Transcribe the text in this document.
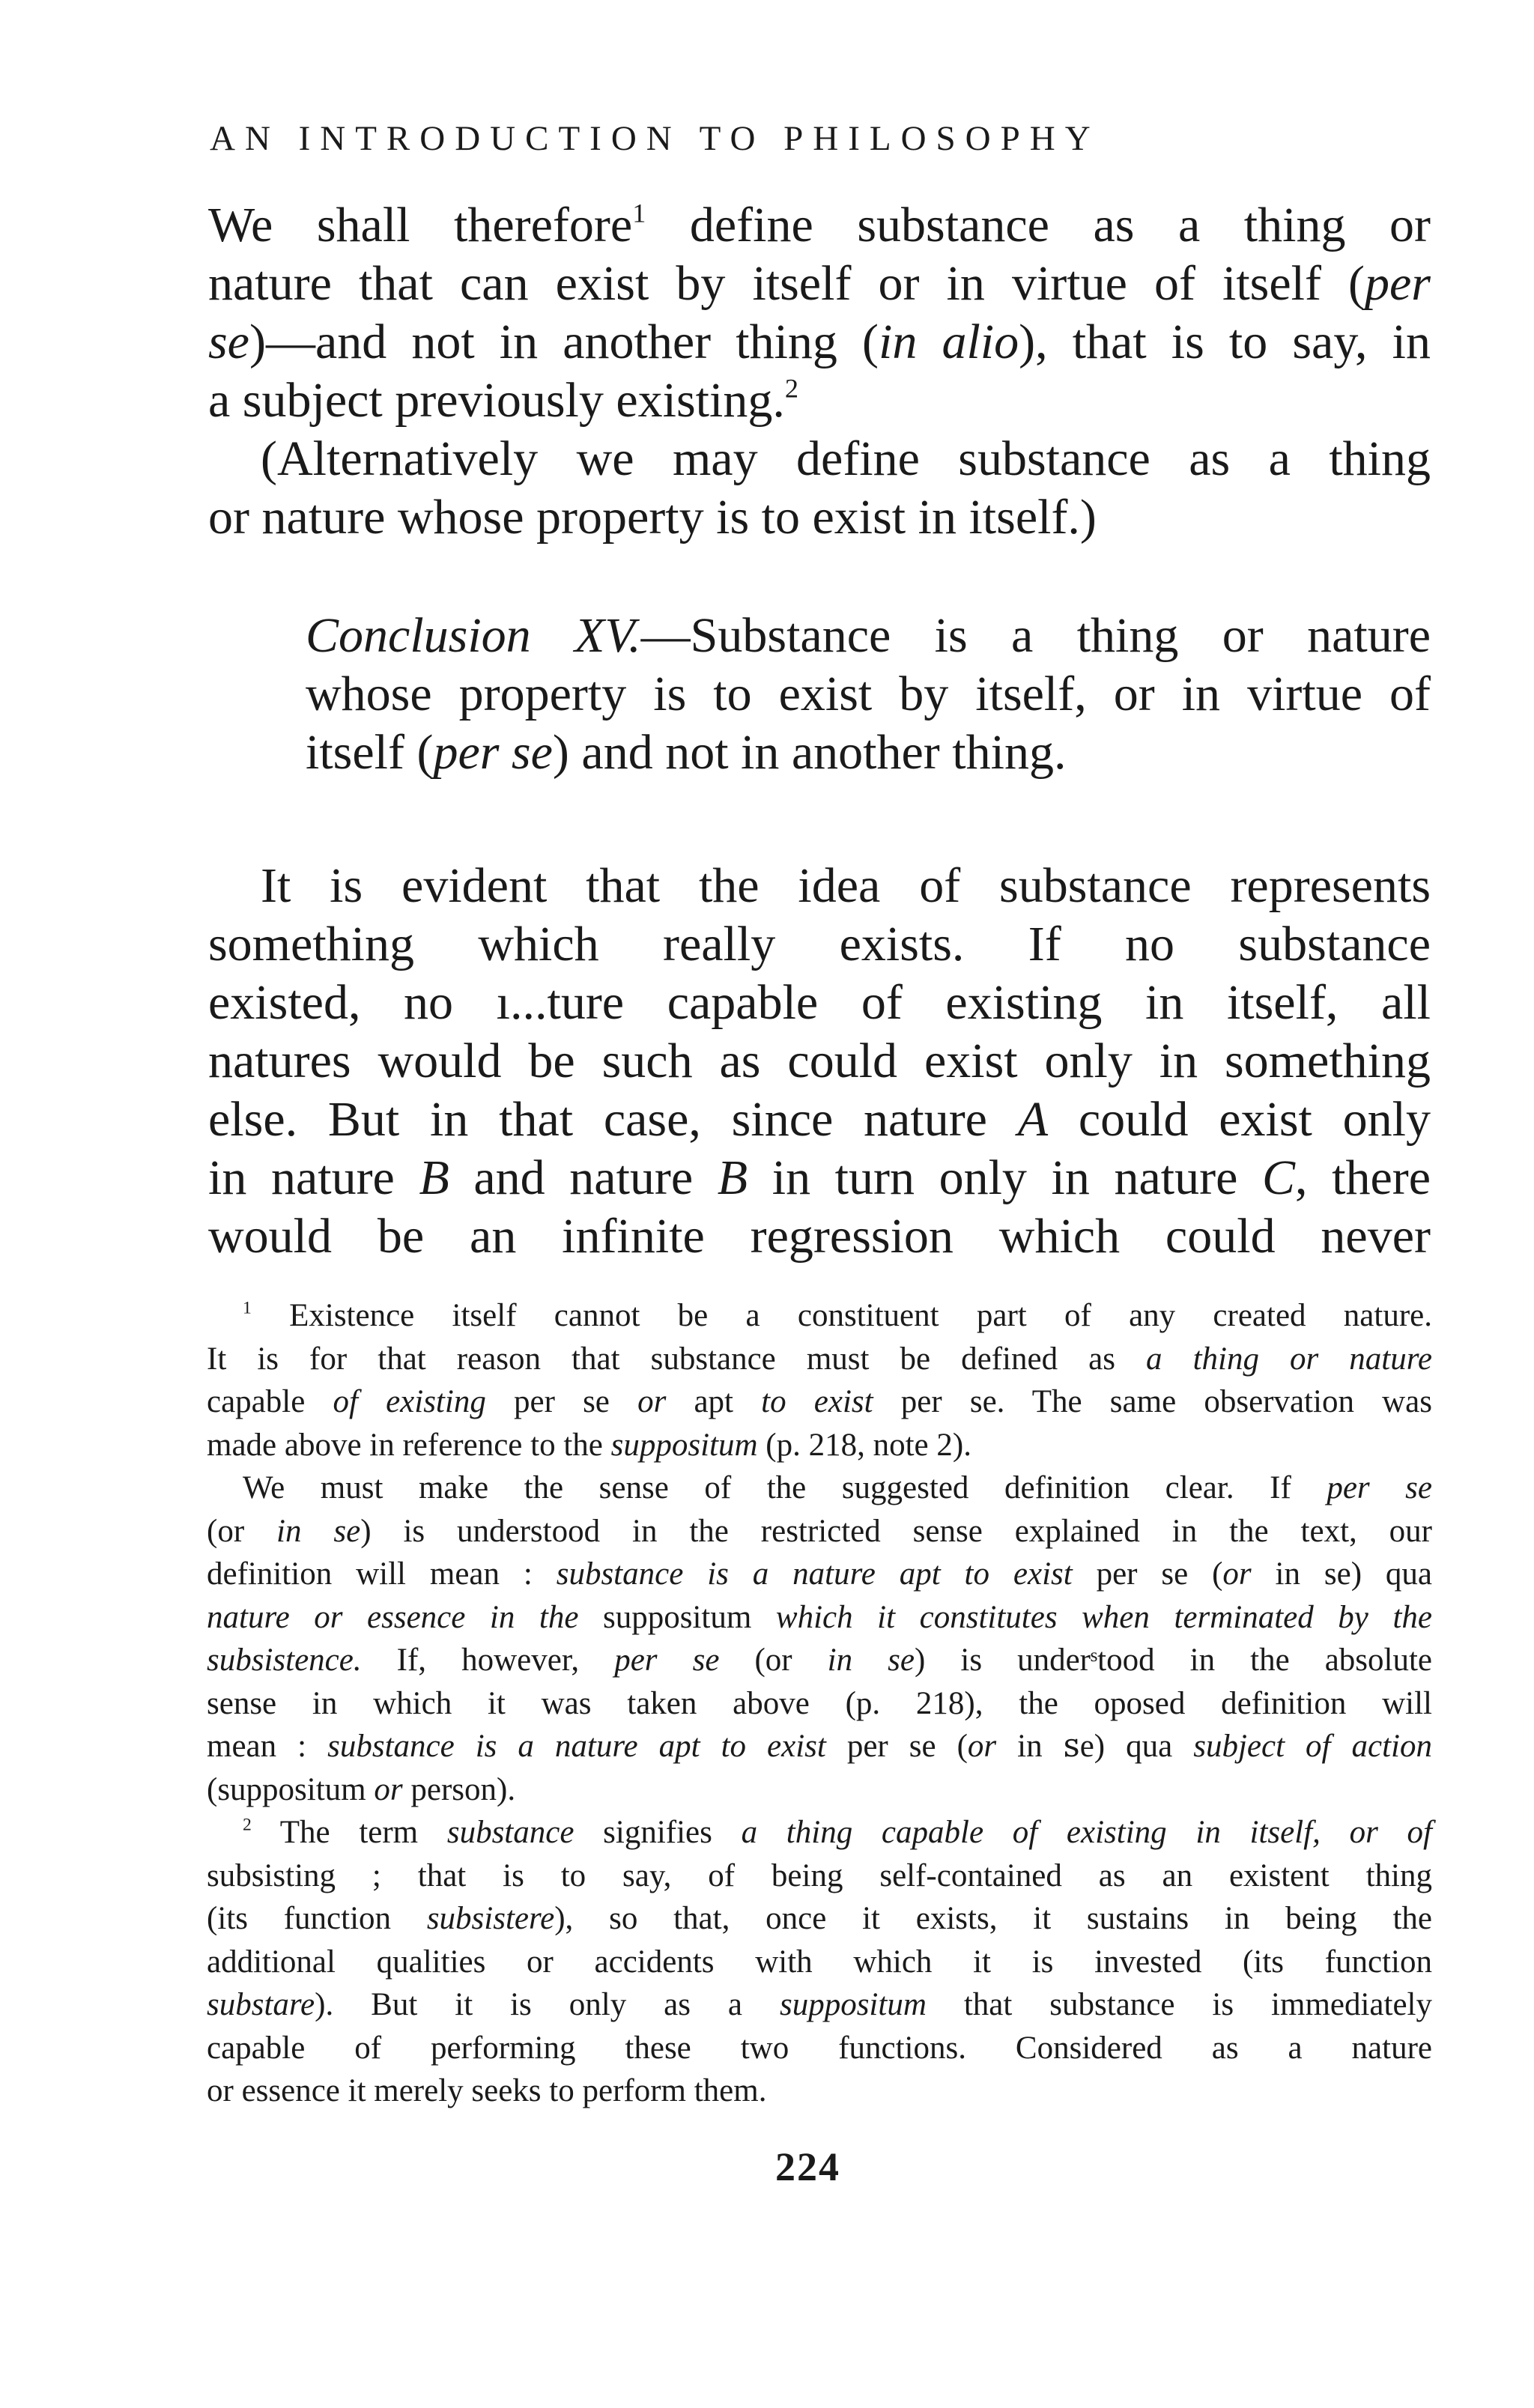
AN INTRODUCTION TO PHILOSOPHY
We shall therefore$^1$ define substance as a thing or
nature that can exist by itself or in virtue of itself (per
se)—and not in another thing (in alio), that is to say, in
a subject previously existing.$^2$
(Alternatively we may define substance as a thing
or nature whose property is to exist in itself.)
Conclusion XV.—Substance is a thing or nature
whose property is to exist by itself, or in virtue of
itself (per se) and not in another thing.
It is evident that the idea of substance represents
something which really exists. If no substance
existed, no ı...ture capable of existing in itself, all
natures would be such as could exist only in something
else. But in that case, since nature A could exist only
in nature B and nature B in turn only in nature C, there
would be an infinite regression which could never
$^1$ Existence itself cannot be a constituent part of any created nature.
It is for that reason that substance must be defined as a thing or nature
capable of existing per se or apt to exist per se. The same observation was
made above in reference to the suppositum (p. 218, note 2).
We must make the sense of the suggested definition clear. If per se
(or in se) is understood in the restricted sense explained in the text, our
definition will mean : substance is a nature apt to exist per se (or in se) qua
nature or essence in the suppositum which it constitutes when terminated by the
subsistence. If, however, per se (or in se) is underˢtood in the absolute
sense in which it was taken above (p. 218), the oposed definition will
mean : substance is a nature apt to exist per se (or in ꜱe) qua subject of action
(suppositum or person).
$^2$ The term substance signifies a thing capable of existing in itself, or of
subsisting ; that is to say, of being self-contained as an existent thing
(its function subsistere), so that, once it exists, it sustains in being the
additional qualities or accidents with which it is invested (its function
substare). But it is only as a suppositum that substance is immediately
capable of performing these two functions. Considered as a nature
or essence it merely seeks to perform them.
224
